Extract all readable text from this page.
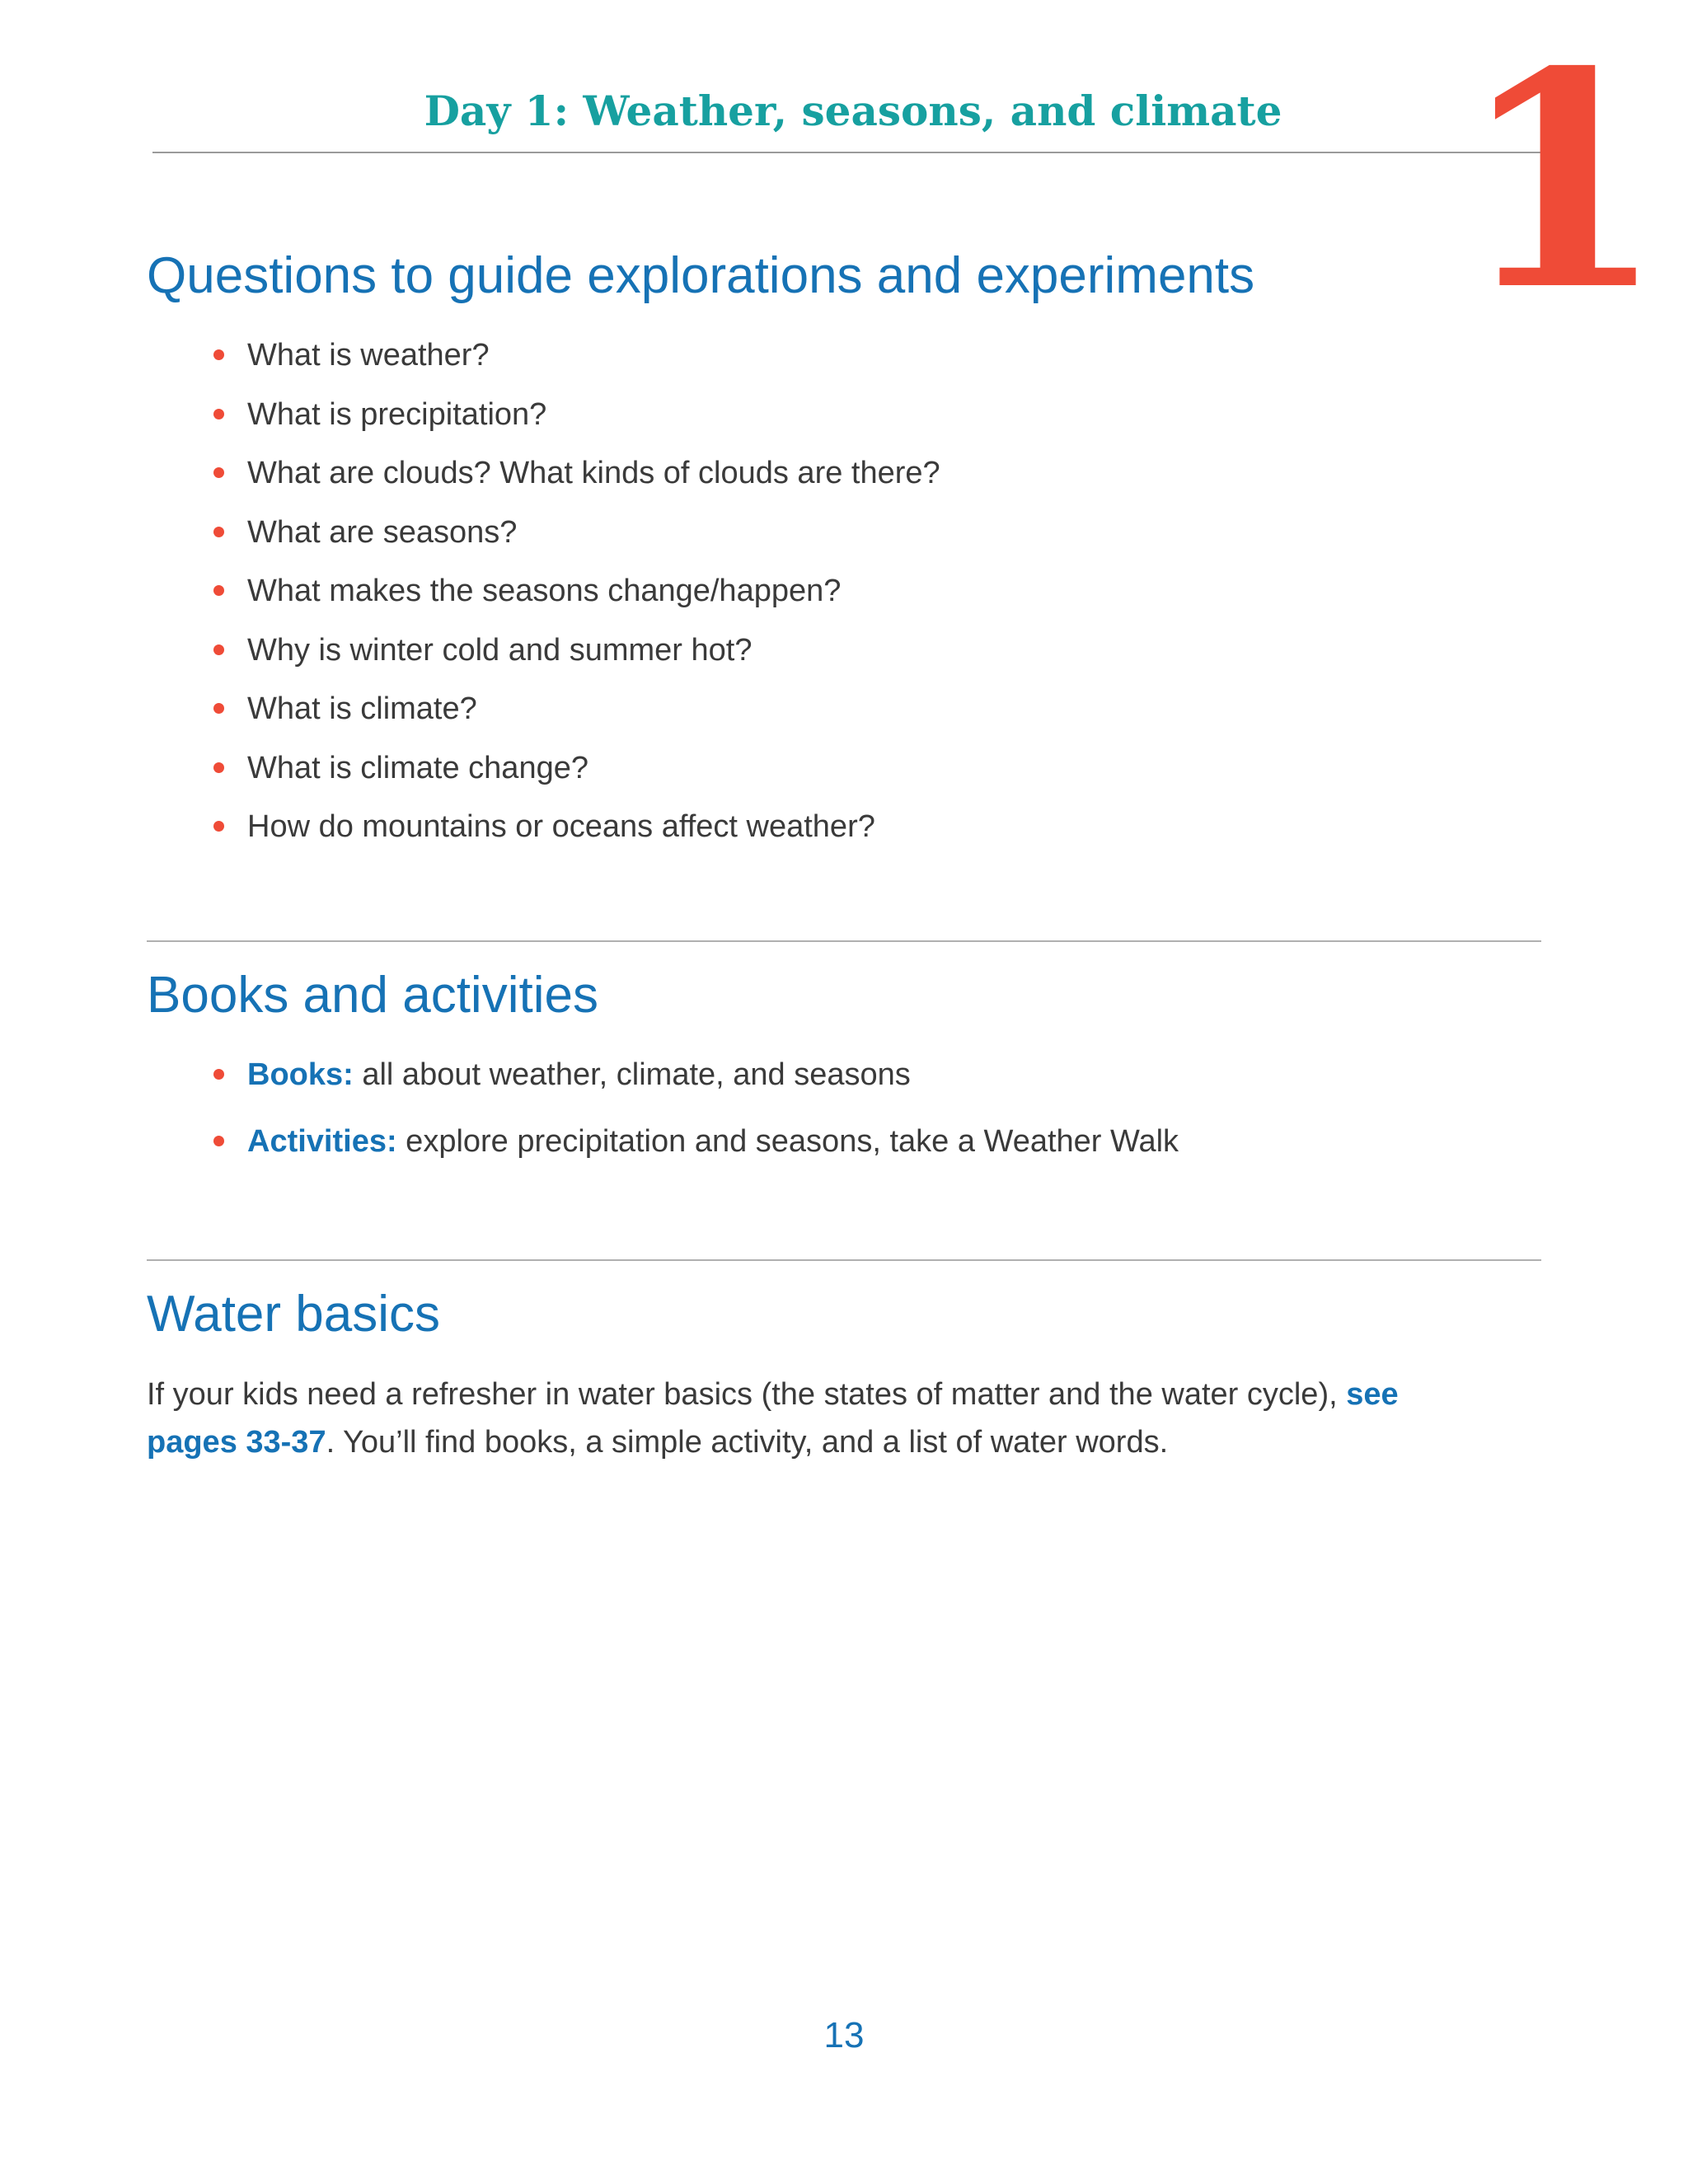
Day 1: Weather, seasons, and climate 1
Questions to guide explorations and experiments
What is weather?
What is precipitation?
What are clouds? What kinds of clouds are there?
What are seasons?
What makes the seasons change/happen?
Why is winter cold and summer hot?
What is climate?
What is climate change?
How do mountains or oceans affect weather?
Books and activities
Books: all about weather, climate, and seasons
Activities: explore precipitation and seasons, take a Weather Walk
Water basics

If your kids need a refresher in water basics (the states of matter and the water cycle), see pages 33-37. You’ll find books, a simple activity, and a list of water words.

13
